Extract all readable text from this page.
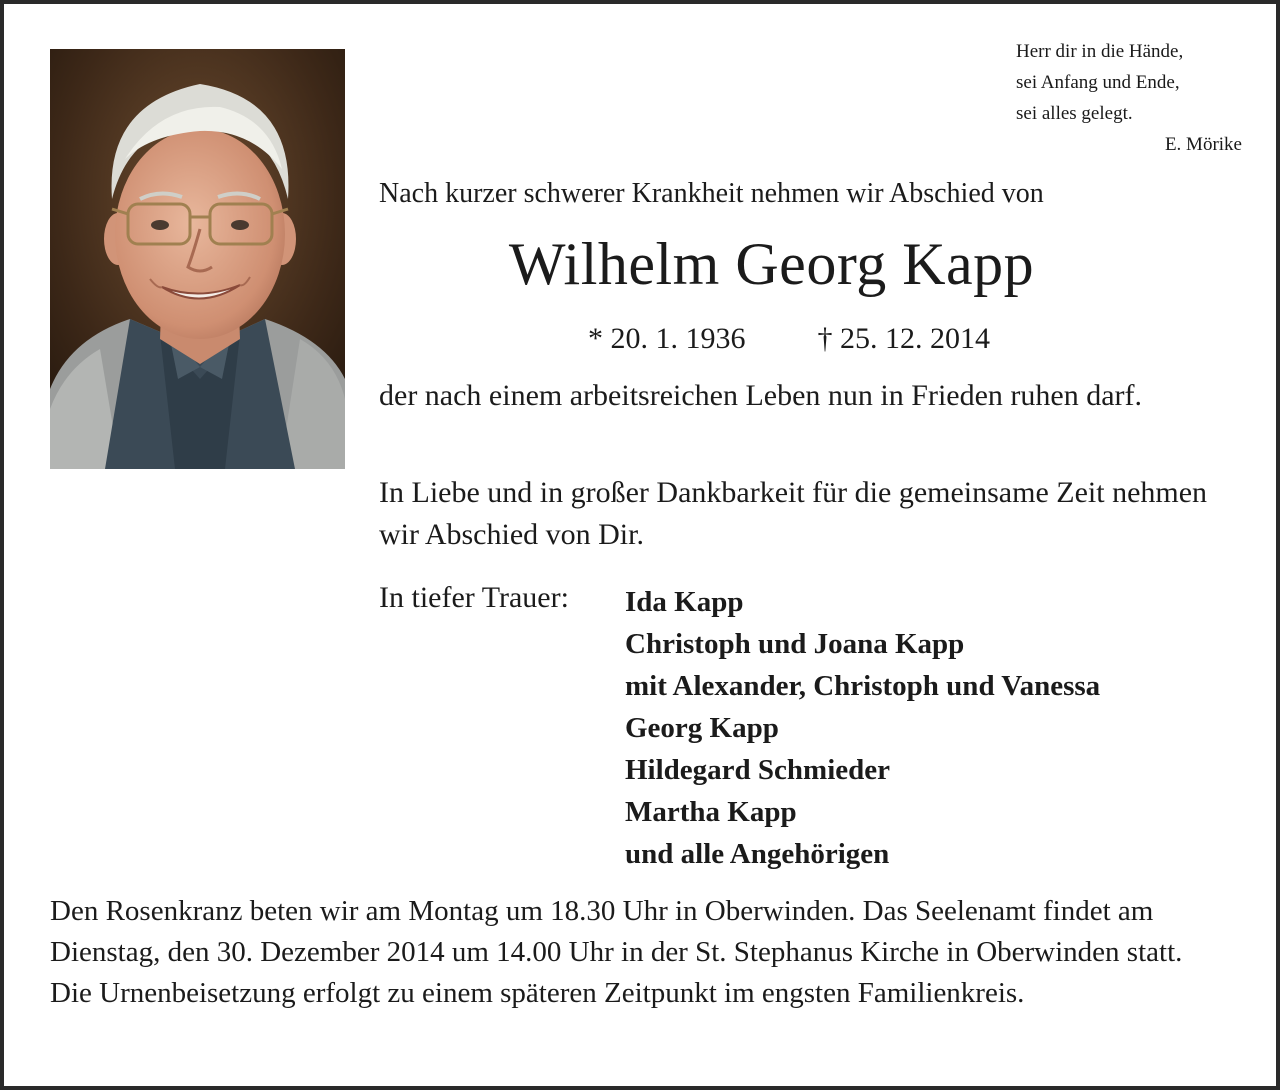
Herr dir in die Hände,
sei Anfang und Ende,
sei alles gelegt.
E. Mörike
Nach kurzer schwerer Krankheit nehmen wir Abschied von
Wilhelm Georg Kapp
* 20. 1. 1936 † 25. 12. 2014
der nach einem arbeitsreichen Leben nun in Frieden ruhen darf.
In Liebe und in großer Dankbarkeit für die gemeinsame Zeit nehmen wir Abschied von Dir.
In tiefer Trauer: Ida Kapp
Christoph und Joana Kapp
mit Alexander, Christoph und Vanessa
Georg Kapp
Hildegard Schmieder
Martha Kapp
und alle Angehörigen
Den Rosenkranz beten wir am Montag um 18.30 Uhr in Oberwinden. Das Seelenamt findet am Dienstag, den 30. Dezember 2014 um 14.00 Uhr in der St. Stephanus Kirche in Oberwinden statt.
Die Urnenbeisetzung erfolgt zu einem späteren Zeitpunkt im engsten Familienkreis.
